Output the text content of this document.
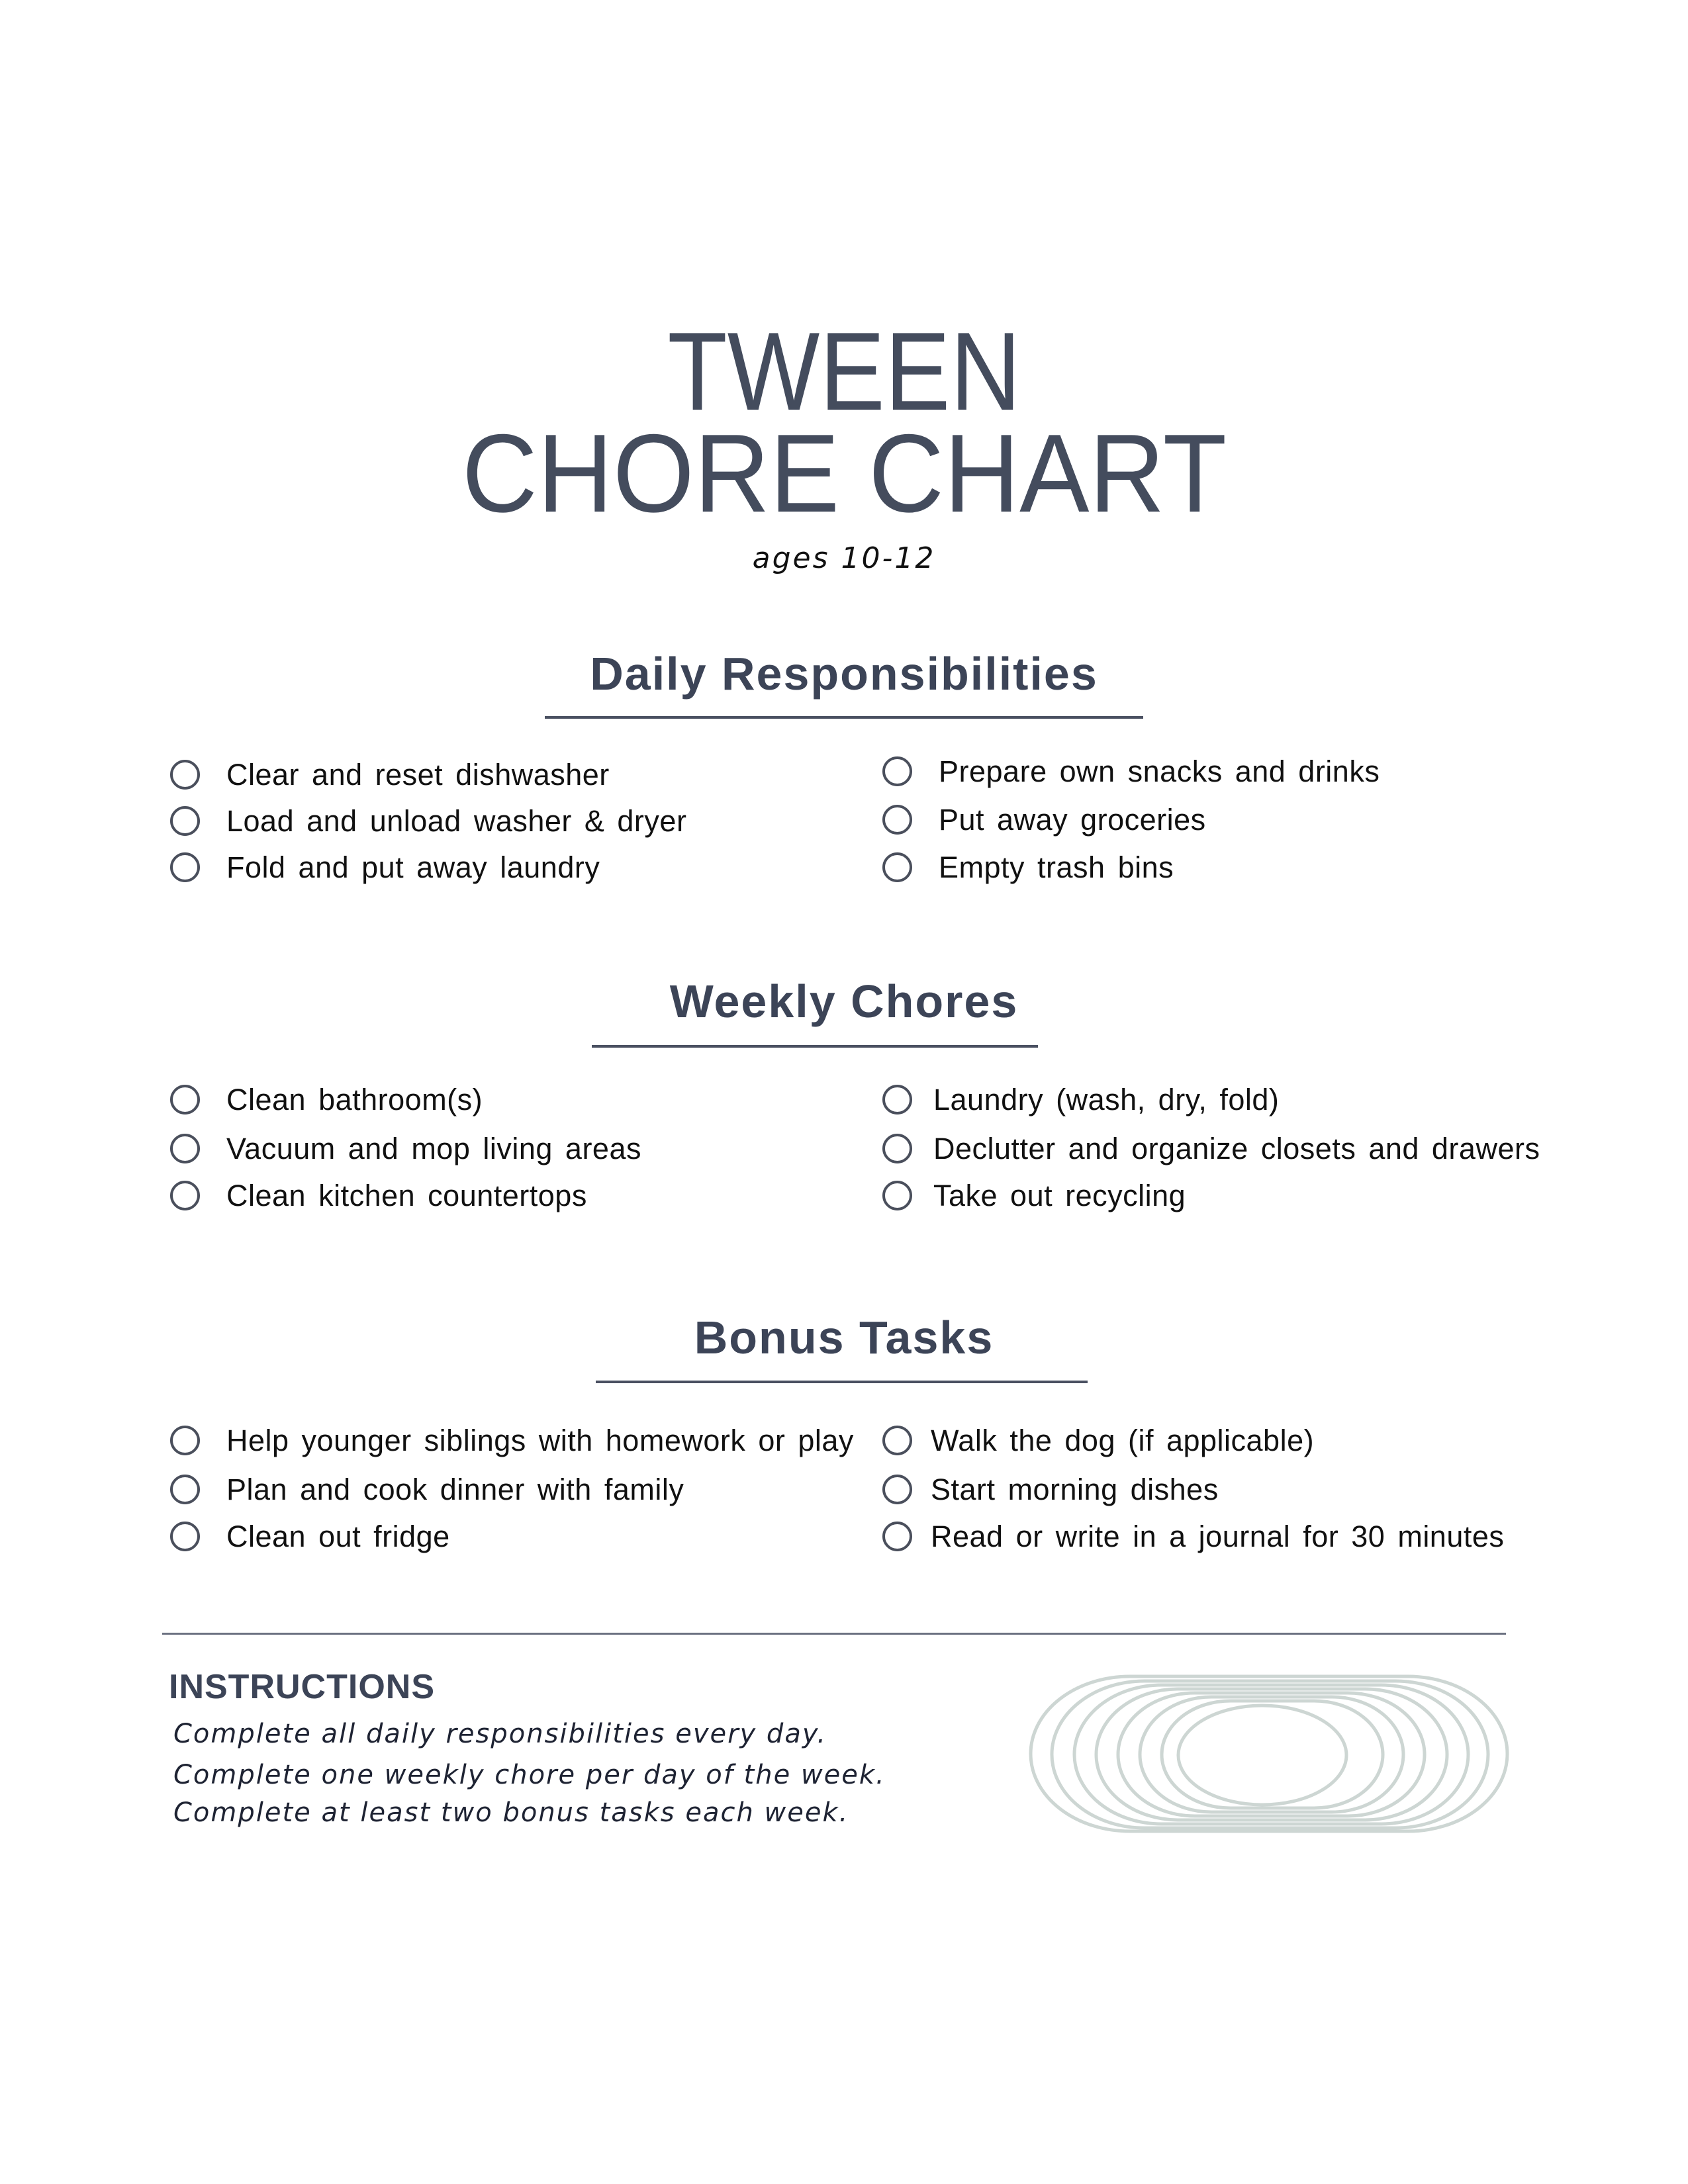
TWEEN
CHORE CHART
ages 10-12
Daily Responsibilities
Clear and reset dishwasher
Load and unload washer & dryer
Fold and put away laundry
Prepare own snacks and drinks
Put away groceries
Empty trash bins
Weekly Chores
Clean bathroom(s)
Vacuum and mop living areas
Clean kitchen countertops
Laundry (wash, dry, fold)
Declutter and organize closets and drawers
Take out recycling
Bonus Tasks
Help younger siblings with homework or play
Plan and cook dinner with family
Clean out fridge
Walk the dog (if applicable)
Start morning dishes
Read or write in a journal for 30 minutes
INSTRUCTIONS
Complete all daily responsibilities every day.
Complete one weekly chore per day of the week.
Complete at least two bonus tasks each week.
